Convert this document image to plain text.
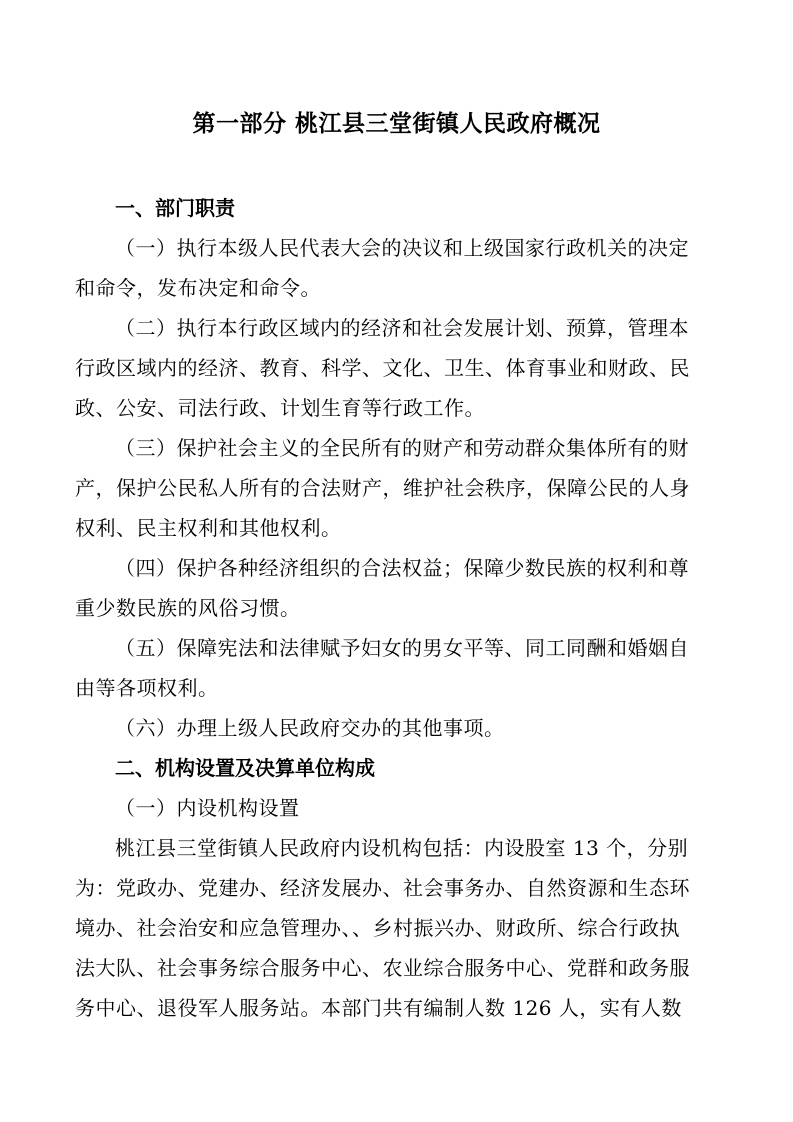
第一部分 桃江县三堂街镇人民政府概况
一、部门职责
（一）执行本级人民代表大会的决议和上级国家行政机关的决定
和命令，发布决定和命令。
（二）执行本行政区域内的经济和社会发展计划、预算，管理本
行政区域内的经济、教育、科学、文化、卫生、体育事业和财政、民
政、公安、司法行政、计划生育等行政工作。
（三）保护社会主义的全民所有的财产和劳动群众集体所有的财
产，保护公民私人所有的合法财产，维护社会秩序，保障公民的人身
权利、民主权利和其他权利。
（四）保护各种经济组织的合法权益；保障少数民族的权利和尊
重少数民族的风俗习惯。
（五）保障宪法和法律赋予妇女的男女平等、同工同酬和婚姻自
由等各项权利。
（六）办理上级人民政府交办的其他事项。
二、机构设置及决算单位构成
（一）内设机构设置
桃江县三堂街镇人民政府内设机构包括：内设股室 13 个，分别
为：党政办、党建办、经济发展办、社会事务办、自然资源和生态环
境办、社会治安和应急管理办、、乡村振兴办、财政所、综合行政执
法大队、社会事务综合服务中心、农业综合服务中心、党群和政务服
务中心、退役军人服务站。本部门共有编制人数 126 人，实有人数
